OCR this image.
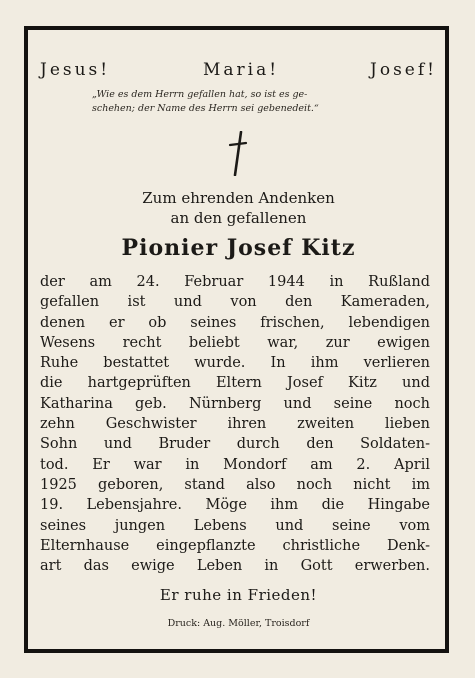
Jesus!	Maria!	Josef!
„Wie es dem Herrn gefallen hat, so ist es ge-
schehen; der Name des Herrn sei gebenedeit.“
Zum ehrenden Andenken
an den gefallenen
Pionier Josef Kitz
der am 24. Februar 1944 in Rußland
gefallen ist und von den Kameraden,
denen er ob seines frischen, lebendigen
Wesens recht beliebt war, zur ewigen
Ruhe bestattet wurde. In ihm verlieren
die hartgeprüften Eltern Josef Kitz und
Katharina geb. Nürnberg und seine noch
zehn Geschwister ihren zweiten lieben
Sohn und Bruder durch den Soldaten-
tod. Er war in Mondorf am 2. April
1925 geboren, stand also noch nicht im
19. Lebensjahre. Möge ihm die Hingabe
seines jungen Lebens und seine vom
Elternhause eingepflanzte christliche Denk-
art das ewige Leben in Gott erwerben.
Er ruhe in Frieden!
Druck: Aug. Möller, Troisdorf
